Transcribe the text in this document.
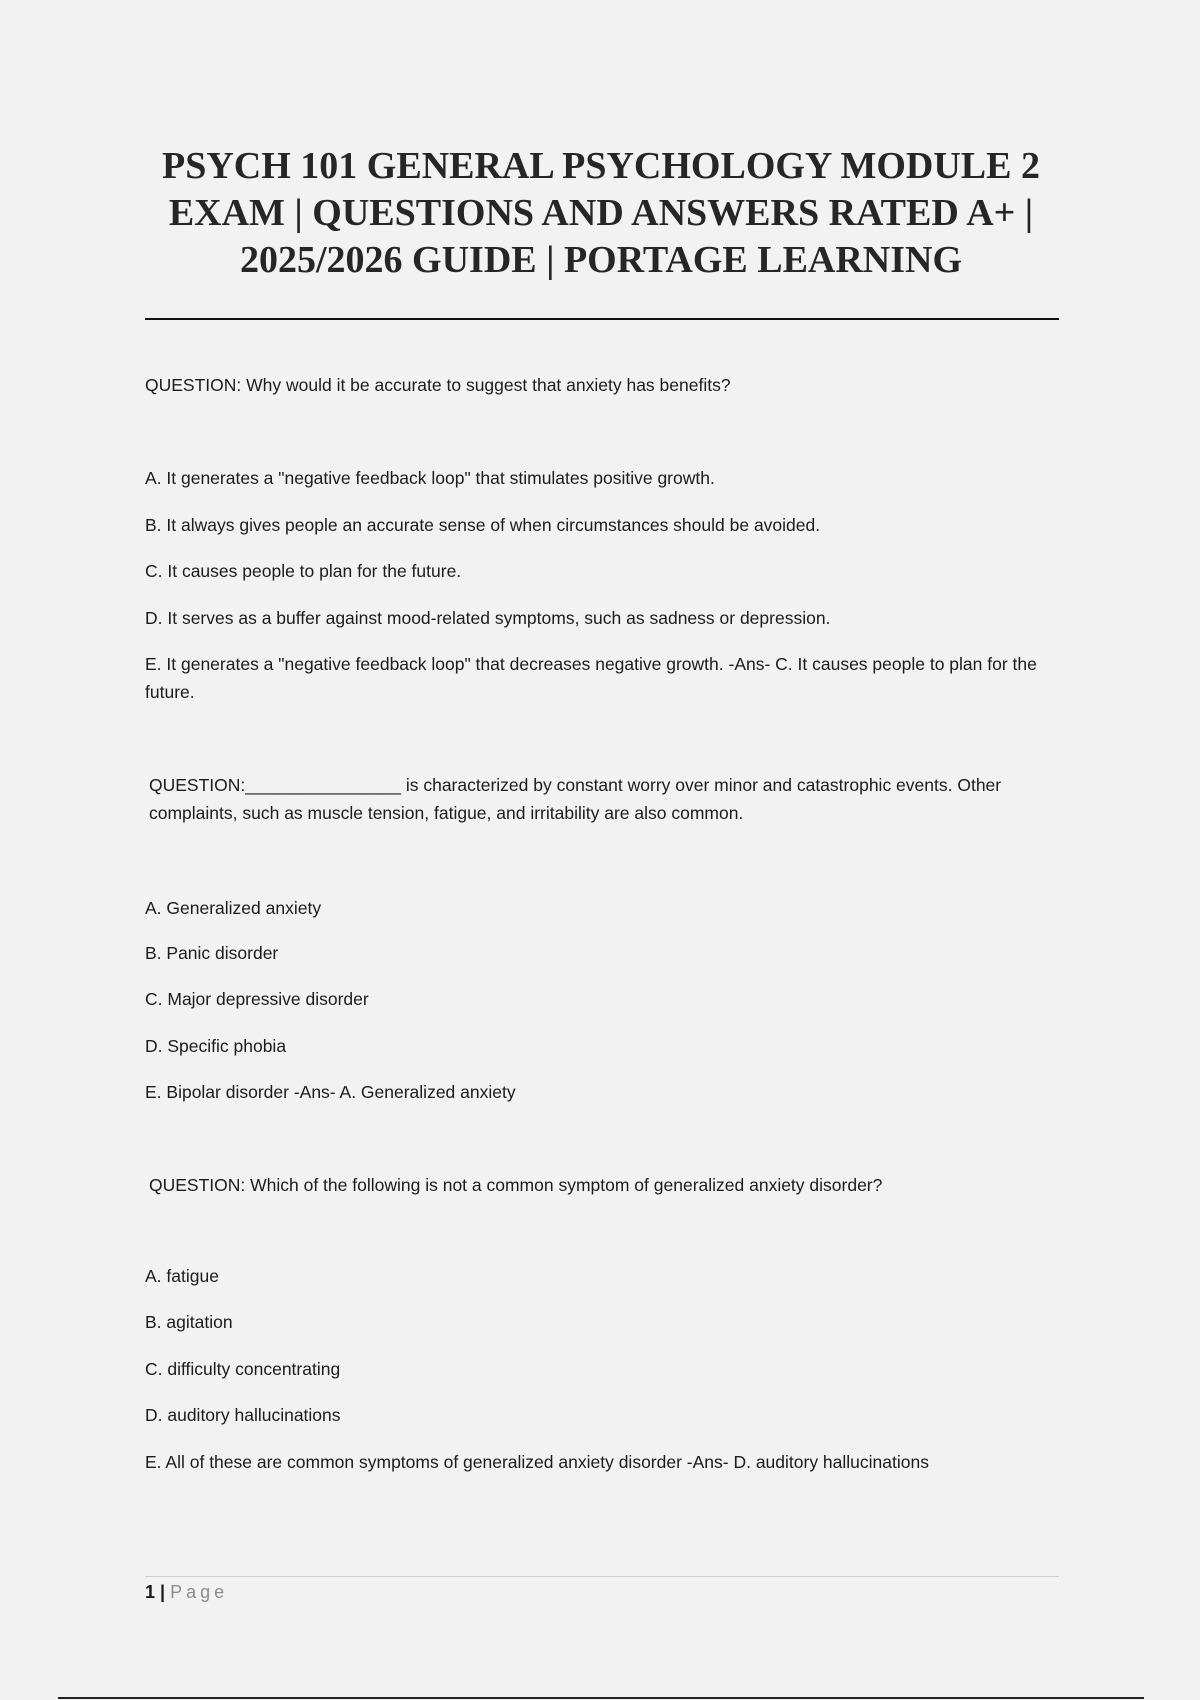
PSYCH 101 GENERAL PSYCHOLOGY MODULE 2
EXAM | QUESTIONS AND ANSWERS RATED A+ |
2025/2026 GUIDE | PORTAGE LEARNING
QUESTION: Why would it be accurate to suggest that anxiety has benefits?
A. It generates a "negative feedback loop" that stimulates positive growth.
B. It always gives people an accurate sense of when circumstances should be avoided.
C. It causes people to plan for the future.
D. It serves as a buffer against mood-related symptoms, such as sadness or depression.
E. It generates a "negative feedback loop" that decreases negative growth. -Ans- C. It causes people to plan for the future.
QUESTION:________________ is characterized by constant worry over minor and catastrophic events. Other complaints, such as muscle tension, fatigue, and irritability are also common.
A. Generalized anxiety
B. Panic disorder
C. Major depressive disorder
D. Specific phobia
E. Bipolar disorder -Ans- A. Generalized anxiety
QUESTION: Which of the following is not a common symptom of generalized anxiety disorder?
A. fatigue
B. agitation
C. difficulty concentrating
D. auditory hallucinations
E. All of these are common symptoms of generalized anxiety disorder -Ans- D. auditory hallucinations
1 | Page
